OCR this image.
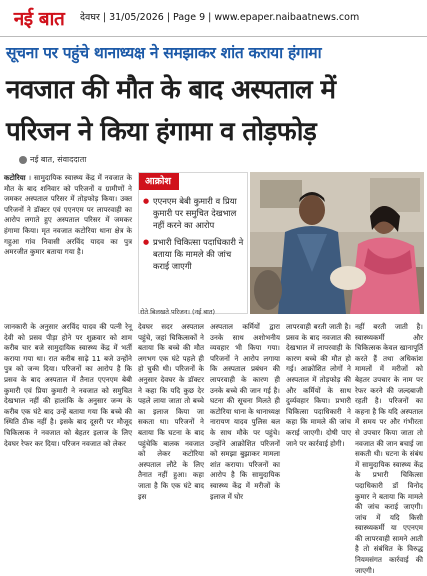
नई बात देवघर | 31/05/2026 | Page 9 | www.epaper.naibaatnews.com
सूचना पर पहुंचे थानाध्यक्ष ने समझाकर शांत कराया हंगामा
नवजात की मौत के बाद अस्पताल में
परिजन ने किया हंगामा व तोड़फोड़
नई बात, संवाददाता
कटोरिया । सामुदायिक स्वास्थ्य केंद्र में नवजात के मौत के बाद शनिवार को परिजनों व ग्रामीणों ने जमकर अस्पताल परिसर में तोड़फोड़ किया। उक्त परिजनों ने डॉक्टर एवं एएनएम पर लापरवाही का आरोप लगाते हुए अस्पताल परिसर में जमकर हंगामा किया। मृत नवजात कटोरिया थाना क्षेत्र के गहुआ गांव निवासी अरविंद यादव का पुत्र अमरजीत कुमार बताया गया है।
आक्रोश
● एएनएम बेबी कुमारी व प्रिया कुमारी पर समुचित देखभाल नहीं करने का आरोप
● प्रभारी चिकित्सा पदाधिकारी ने बताया कि मामले की जांच कराई जाएगी
रोते बिलखते परिजन। (नई बात)
जानकारी के अनुसार अरविंद यादव की पत्नी रेनू देवी को प्रसव पीड़ा होने पर शुक्रवार को शाम करीब चार बजे सामुदायिक स्वास्थ्य केंद्र में भर्ती कराया गया था। रात करीब साढ़े 11 बजे उन्होंने पुत्र को जन्म दिया। परिजनों का आरोप है कि प्रसव के बाद अस्पताल में तैनात एएनएम बेबी कुमारी एवं प्रिया कुमारी ने नवजात को समुचित देखभाल नहीं की हालांकि के अनुसार जन्म के करीब एक घंटे बाद उन्हें बताया गया कि बच्चे की स्थिति ठीक नहीं है। इसके बाद दूसरी पर मौजूद चिकित्सक ने नवजात को बेहतर इलाज के लिए देवघर रेफर कर दिया। परिजन नवजात को लेकर
देवघर सदर अस्पताल पहुंचे, जहां चिकित्सकों ने बताया कि बच्चे की मौत लगभग एक घंटे पहले ही हो चुकी थी। परिजनों के अनुसार देवघर के डॉक्टर ने कहा कि यदि कुछ देर पहले लाया जाता तो बच्चे का इलाज किया जा सकता था। परिजनों ने बताया कि घटना के बाद पहुंचेकि बालक नवजात को लेकर कटोरिया अस्पताल लौटे के लिए तैनात नहीं हुआ। कहा जाता है कि एक घंटे बाद इस
अस्पताल कर्मियों द्वारा उनके साथ अशोभनीय व्यवहार भी किया गया। परिजनों ने आरोप लगाया कि अस्पताल प्रबंधन की लापरवाही के कारण ही उनके बच्चे की जान गई है। घटना की सूचना मिलते ही कटोरिया थाना के थानाध्यक्ष नारायण यादव पुलिस बल के साथ मौके पर पहुंचे। उन्होंने आक्रोशित परिजनों को समझा बुझाकर मामला शांत कराया। परिजनों का आरोप है कि सामुदायिक स्वास्थ्य केंद्र में मरीजों के इलाज में घोर
लापरवाही बरती जाती है। प्रसव के बाद नवजात की देखभाल में लापरवाही के कारण बच्चे की मौत हो गई। आक्रोशित लोगों ने अस्पताल में तोड़फोड़ की और कर्मियों के साथ दुर्व्यवहार किया। प्रभारी चिकित्सा पदाधिकारी ने कहा कि मामले की जांच कराई जाएगी। दोषी पाए जाने पर कार्रवाई होगी।
नहीं बरती जाती है। स्वास्थ्यकर्मी और चिकित्सक केवल खानापूर्ति करते हैं तथा अधिकांश मामलों में मरीजों को बेहतर उपचार के नाम पर रेफर करने की जल्दबाजी रहती है। परिजनों का कहना है कि यदि अस्पताल में समय पर और गंभीरता से उपचार किया जाता तो नवजात की जान बचाई जा सकती थी। घटना के संबंध में सामुदायिक स्वास्थ्य केंद्र के प्रभारी चिकित्सा पदाधिकारी डॉ विनोद कुमार ने बताया कि मामले की जांच कराई जाएगी। जांच में यदि किसी स्वास्थ्यकर्मी या एएनएम की लापरवाही सामने आती है तो संबंधित के विरुद्ध नियमसंगत कार्रवाई की जाएगी।
